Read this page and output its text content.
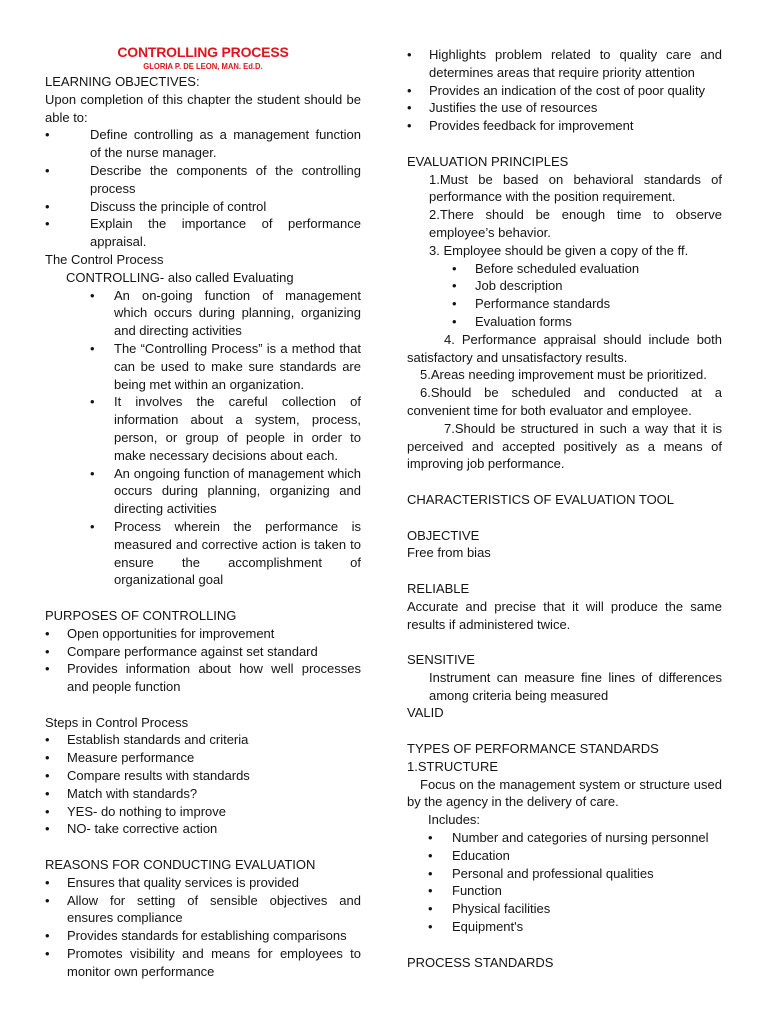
CONTROLLING PROCESS
GLORIA P. DE LEON, MAN. Ed.D.
LEARNING OBJECTIVES:
Upon completion of this chapter the student should be able to:
• Define controlling as a management function of the nurse manager.
• Describe the components of the controlling process
• Discuss the principle of control
• Explain the importance of performance appraisal.
The Control Process
CONTROLLING- also called Evaluating
• An on-going function of management which occurs during planning, organizing and directing activities
• The “Controlling Process” is a method that can be used to make sure standards are being met within an organization.
• It involves the careful collection of information about a system, process, person, or group of people in order to make necessary decisions about each.
• An ongoing function of management which occurs during planning, organizing and directing activities
• Process wherein the performance is measured and corrective action is taken to ensure the accomplishment of organizational goal
PURPOSES OF CONTROLLING
• Open opportunities for improvement
• Compare performance against set standard
• Provides information about how well processes and people function
Steps in Control Process
• Establish standards and criteria
• Measure performance
• Compare results with standards
• Match with standards?
• YES- do nothing to improve
• NO- take corrective action
REASONS FOR CONDUCTING EVALUATION
• Ensures that quality services is provided
• Allow for setting of sensible objectives and ensures compliance
• Provides standards for establishing comparisons
• Promotes visibility and means for employees to monitor own performance
• Highlights problem related to quality care and determines areas that require priority attention
• Provides an indication of the cost of poor quality
• Justifies the use of resources
• Provides feedback for improvement
EVALUATION PRINCIPLES
1.Must be based on behavioral standards of performance with the position requirement.
2.There should be enough time to observe employee’s behavior.
3. Employee should be given a copy of the ff.
• Before scheduled evaluation
• Job description
• Performance standards
• Evaluation forms
4. Performance appraisal should include both satisfactory and unsatisfactory results.
5.Areas needing improvement must be prioritized.
6.Should be scheduled and conducted at a convenient time for both evaluator and employee.
7.Should be structured in such a way that it is perceived and accepted positively as a means of improving job performance.
CHARACTERISTICS OF EVALUATION TOOL
OBJECTIVE
Free from bias
RELIABLE
Accurate and precise that it will produce the same results if administered twice.
SENSITIVE
Instrument can measure fine lines of differences among criteria being measured
VALID
TYPES OF PERFORMANCE STANDARDS
1.STRUCTURE
Focus on the management system or structure used by the agency in the delivery of care.
Includes:
• Number and categories of nursing personnel
• Education
• Personal and professional qualities
• Function
• Physical facilities
• Equipment's
PROCESS STANDARDS
